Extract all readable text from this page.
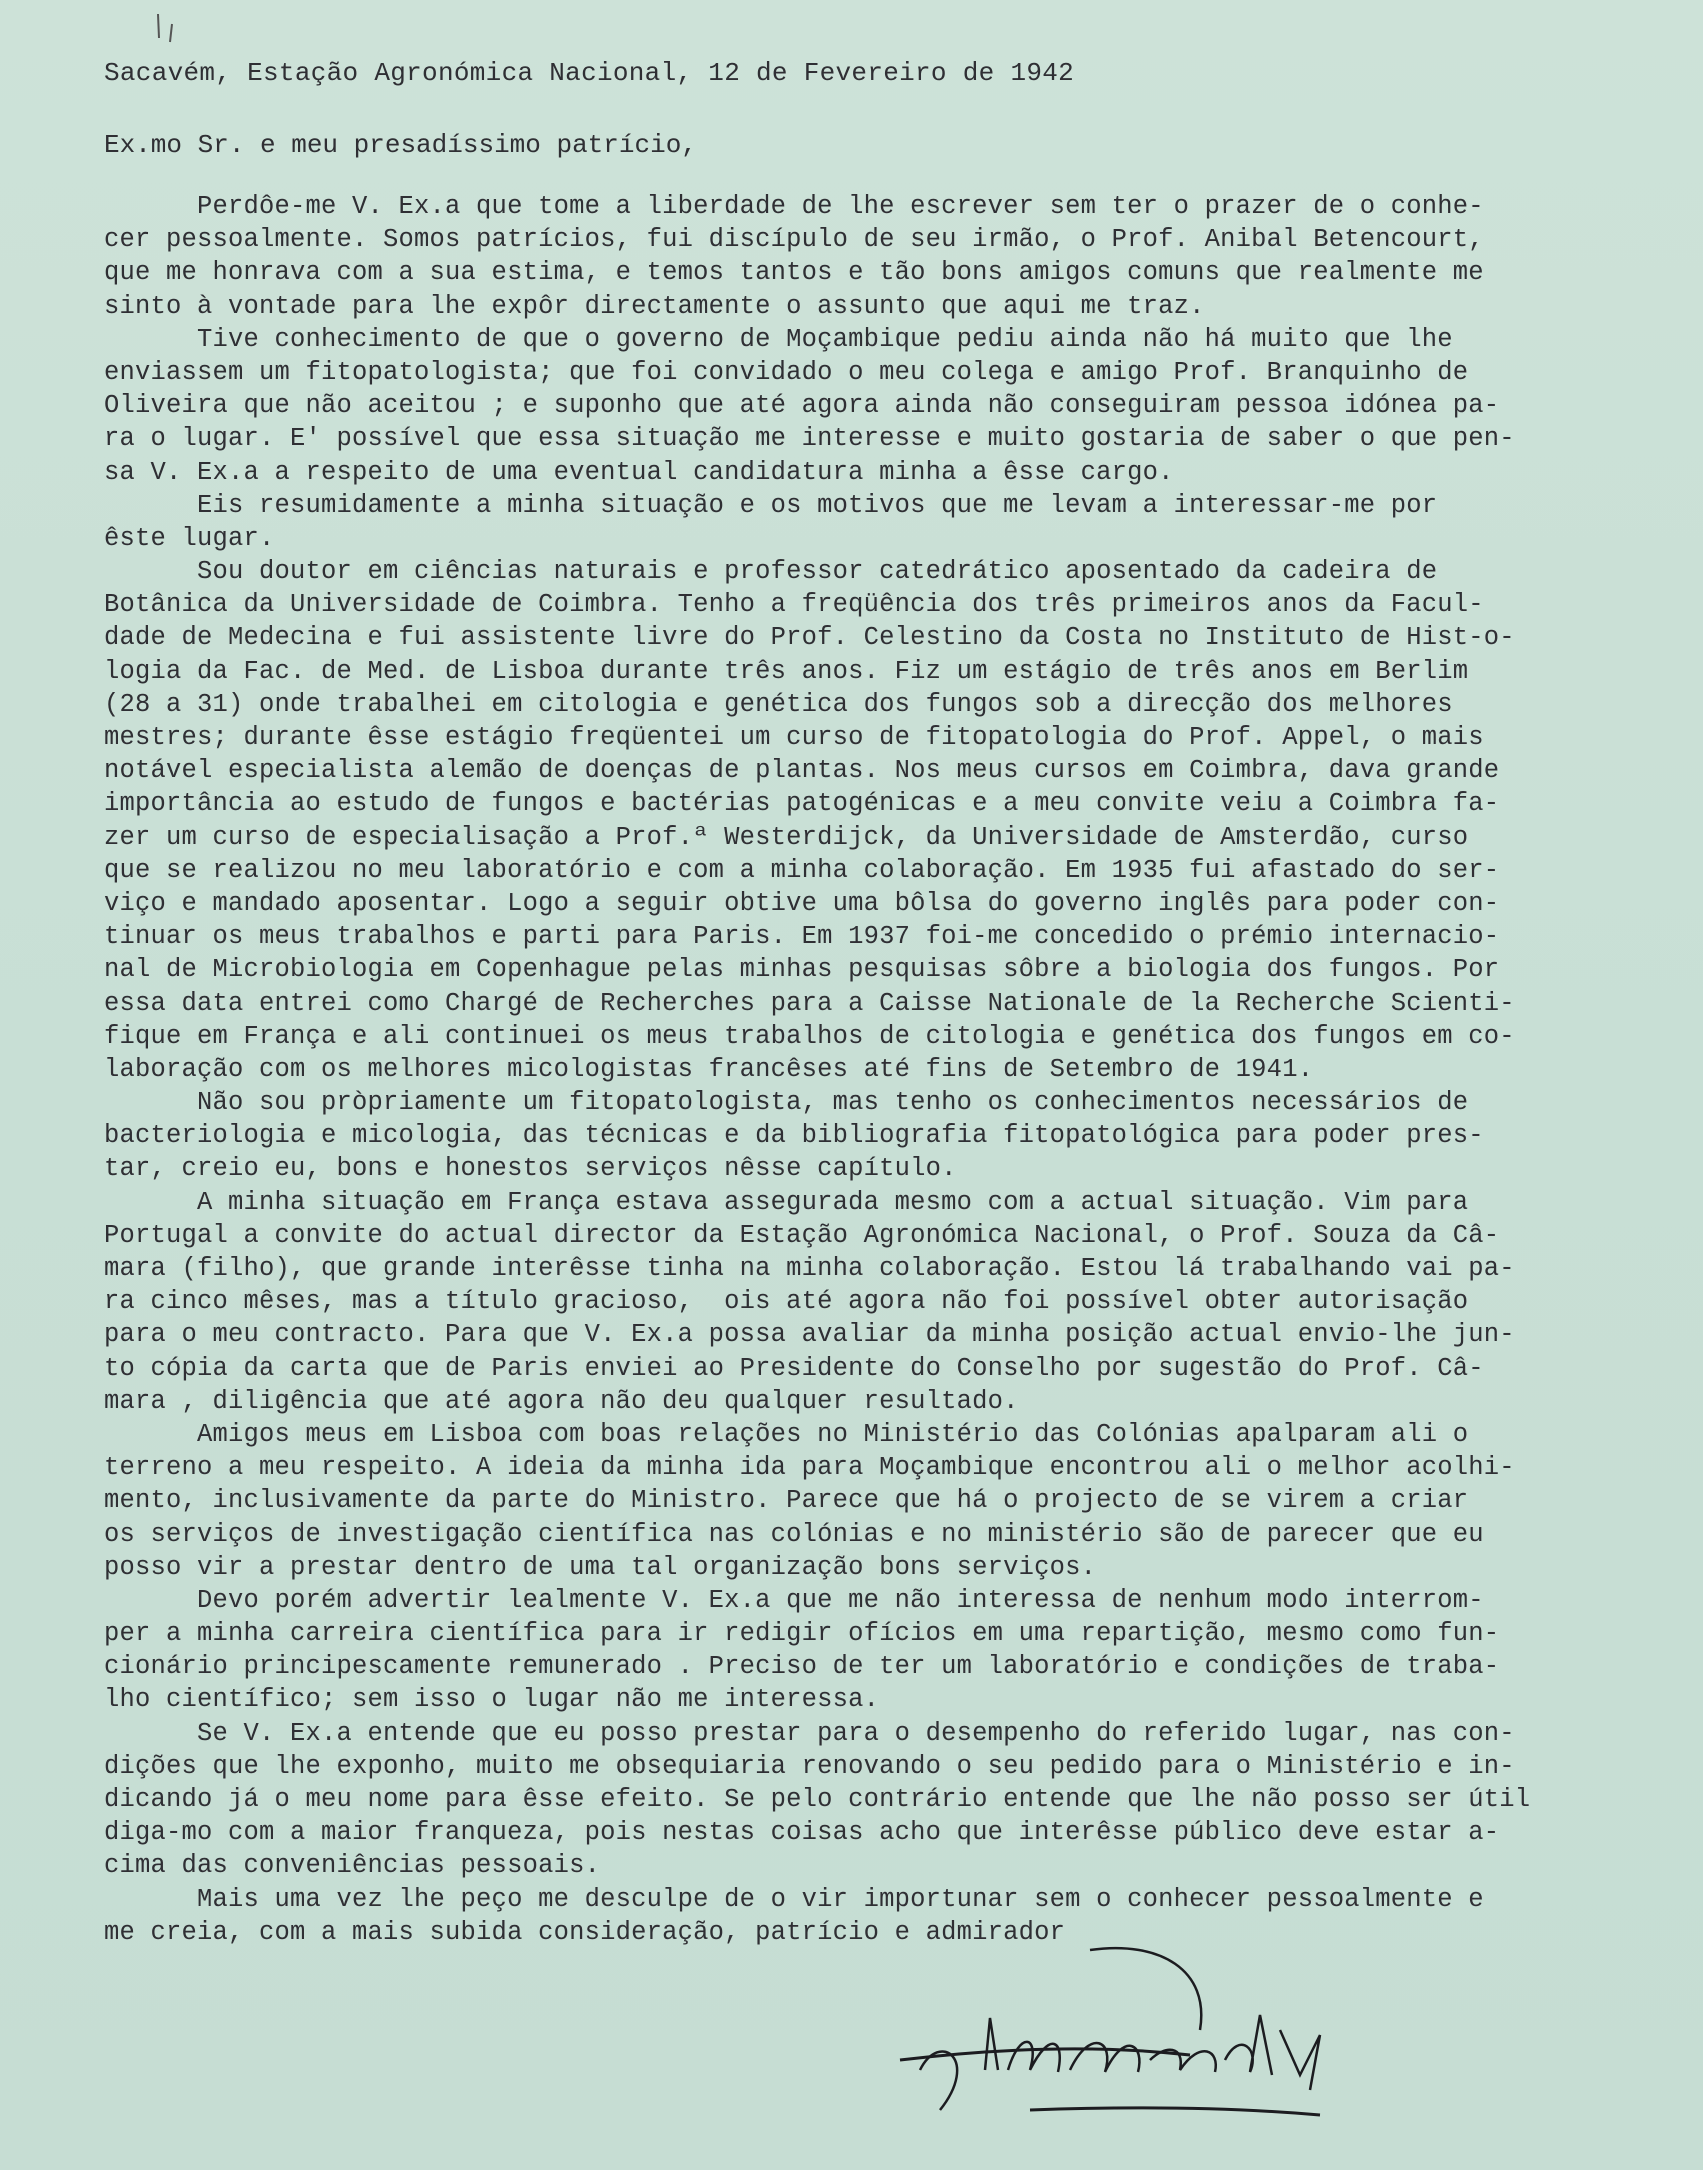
Sacavém, Estação Agronómica Nacional, 12 de Fevereiro de 1942
Ex.mo Sr. e meu presadíssimo patrício,
Perdôe-me V. Ex.a que tome a liberdade de lhe escrever sem ter o prazer de o conhe-
cer pessoalmente. Somos patrícios, fui discípulo de seu irmão, o Prof. Anibal Betencourt,
que me honrava com a sua estima, e temos tantos e tão bons amigos comuns que realmente me
sinto à vontade para lhe expôr directamente o assunto que aqui me traz.
Tive conhecimento de que o governo de Moçambique pediu ainda não há muito que lhe
enviassem um fitopatologista; que foi convidado o meu colega e amigo Prof. Branquinho de
Oliveira que não aceitou ; e suponho que até agora ainda não conseguiram pessoa idónea pa-
ra o lugar. E' possível que essa situação me interesse e muito gostaria de saber o que pen-
sa V. Ex.a a respeito de uma eventual candidatura minha a êsse cargo.
Eis resumidamente a minha situação e os motivos que me levam a interessar-me por
êste lugar.
Sou doutor em ciências naturais e professor catedrático aposentado da cadeira de
Botânica da Universidade de Coimbra. Tenho a freqüência dos três primeiros anos da Facul-
dade de Medecina e fui assistente livre do Prof. Celestino da Costa no Instituto de Hist-o-
logia da Fac. de Med. de Lisboa durante três anos. Fiz um estágio de três anos em Berlim
(28 a 31) onde trabalhei em citologia e genética dos fungos sob a direcção dos melhores
mestres; durante êsse estágio freqüentei um curso de fitopatologia do Prof. Appel, o mais
notável especialista alemão de doenças de plantas. Nos meus cursos em Coimbra, dava grande
importância ao estudo de fungos e bactérias patogénicas e a meu convite veiu a Coimbra fa-
zer um curso de especialisação a Prof.ª Westerdijck, da Universidade de Amsterdão, curso
que se realizou no meu laboratório e com a minha colaboração. Em 1935 fui afastado do ser-
viço e mandado aposentar. Logo a seguir obtive uma bôlsa do governo inglês para poder con-
tinuar os meus trabalhos e parti para Paris. Em 1937 foi-me concedido o prémio internacio-
nal de Microbiologia em Copenhague pelas minhas pesquisas sôbre a biologia dos fungos. Por
essa data entrei como Chargé de Recherches para a Caisse Nationale de la Recherche Scienti-
fique em França e ali continuei os meus trabalhos de citologia e genética dos fungos em co-
laboração com os melhores micologistas francêses até fins de Setembro de 1941.
Não sou pròpriamente um fitopatologista, mas tenho os conhecimentos necessários de
bacteriologia e micologia, das técnicas e da bibliografia fitopatológica para poder pres-
tar, creio eu, bons e honestos serviços nêsse capítulo.
A minha situação em França estava assegurada mesmo com a actual situação. Vim para
Portugal a convite do actual director da Estação Agronómica Nacional, o Prof. Souza da Câ-
mara (filho), que grande interêsse tinha na minha colaboração. Estou lá trabalhando vai pa-
ra cinco mêses, mas a título gracioso,  ois até agora não foi possível obter autorisação
para o meu contracto. Para que V. Ex.a possa avaliar da minha posição actual envio-lhe jun-
to cópia da carta que de Paris enviei ao Presidente do Conselho por sugestão do Prof. Câ-
mara , diligência que até agora não deu qualquer resultado.
Amigos meus em Lisboa com boas relações no Ministério das Colónias apalparam ali o
terreno a meu respeito. A ideia da minha ida para Moçambique encontrou ali o melhor acolhi-
mento, inclusivamente da parte do Ministro. Parece que há o projecto de se virem a criar
os serviços de investigação científica nas colónias e no ministério são de parecer que eu
posso vir a prestar dentro de uma tal organização bons serviços.
Devo porém advertir lealmente V. Ex.a que me não interessa de nenhum modo interrom-
per a minha carreira científica para ir redigir ofícios em uma repartição, mesmo como fun-
cionário principescamente remunerado . Preciso de ter um laboratório e condições de traba-
lho científico; sem isso o lugar não me interessa.
Se V. Ex.a entende que eu posso prestar para o desempenho do referido lugar, nas con-
dições que lhe exponho, muito me obsequiaria renovando o seu pedido para o Ministério e in-
dicando já o meu nome para êsse efeito. Se pelo contrário entende que lhe não posso ser útil
diga-mo com a maior franqueza, pois nestas coisas acho que interêsse público deve estar a-
cima das conveniências pessoais.
Mais uma vez lhe peço me desculpe de o vir importunar sem o conhecer pessoalmente e
me creia, com a mais subida consideração, patrício e admirador
